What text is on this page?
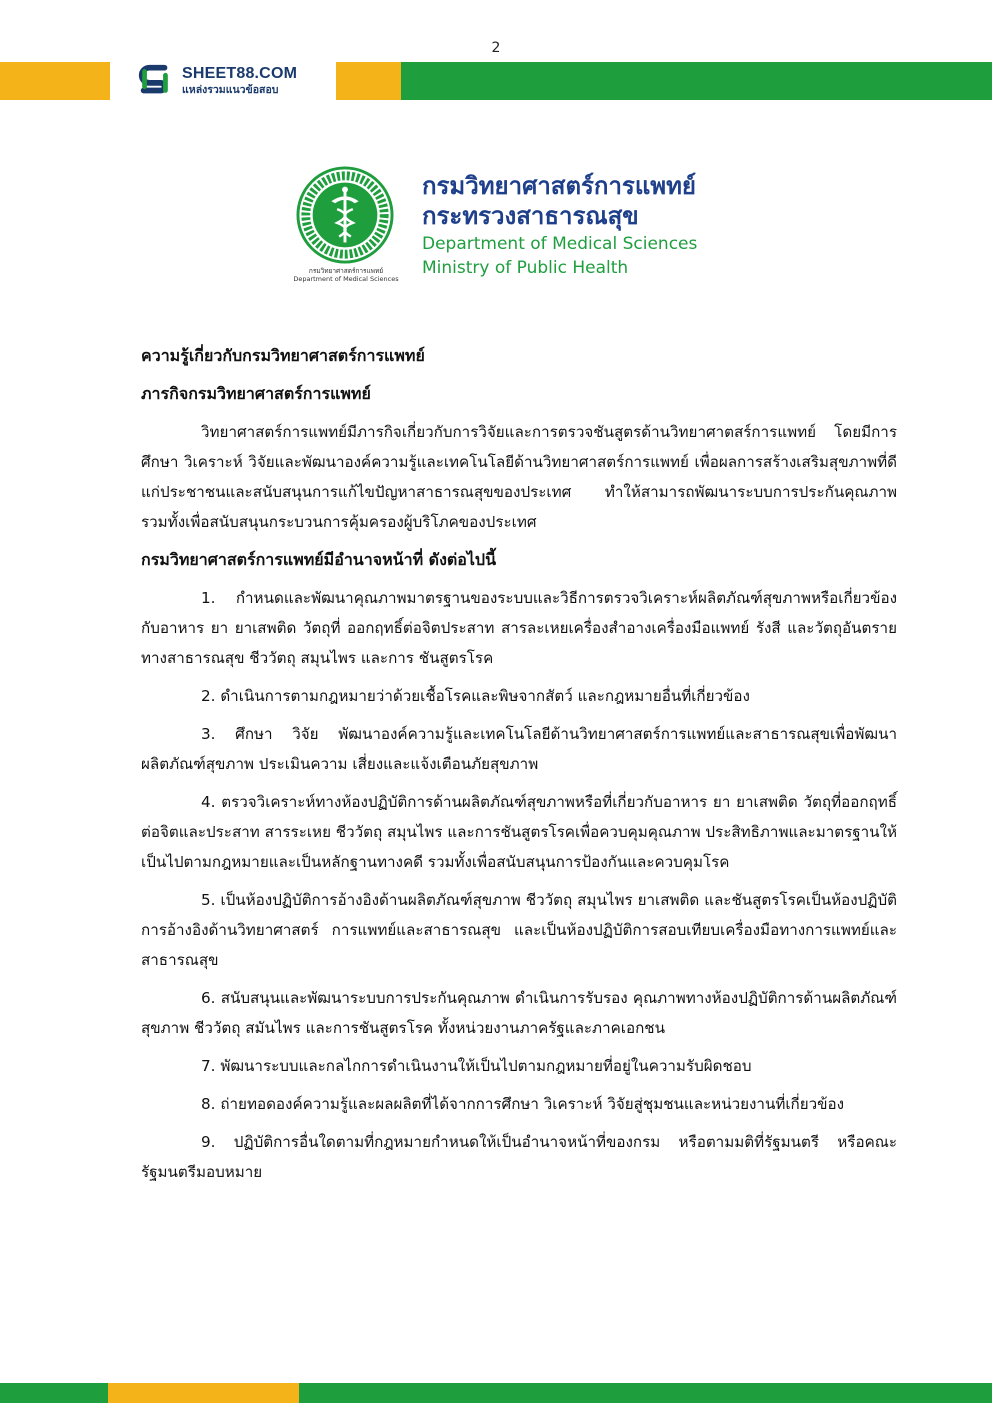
2
SHEET88.COM
แหล่งรวมแนวข้อสอบ
กรมวิทยาศาสตร์การแพทย์
Department of Medical Sciences
กรมวิทยาศาสตร์การแพทย์
กระทรวงสาธารณสุข
Department of Medical Sciences
Ministry of Public Health
ความรู้เกี่ยวกับกรมวิทยาศาสตร์การแพทย์
ภารกิจกรมวิทยาศาสตร์การแพทย์

วิทยาศาสตร์การแพทย์มีภารกิจเกี่ยวกับการวิจัยและการตรวจชันสูตรด้านวิทยาศาตสร์การแพทย์ โดยมีการศึกษา วิเคราะห์ วิจัยและพัฒนาองค์ความรู้และเทคโนโลยีด้านวิทยาศาสตร์การแพทย์ เพื่อผลการสร้างเสริมสุขภาพที่ดีแก่ประชาชนและสนับสนุนการแก้ไขปัญหาสาธารณสุขของประเทศ ทำให้สามารถพัฒนาระบบการประกันคุณภาพ รวมทั้งเพื่อสนับสนุนกระบวนการคุ้มครองผู้บริโภคของประเทศ

กรมวิทยาศาสตร์การแพทย์มีอำนาจหน้าที่ ดังต่อไปนี้

1. กำหนดและพัฒนาคุณภาพมาตรฐานของระบบและวิธีการตรวจวิเคราะห์ผลิตภัณฑ์สุขภาพหรือเกี่ยวข้องกับอาหาร ยา ยาเสพติด วัตถุที่ ออกฤทธิ์ต่อจิตประสาท สารละเหยเครื่องสำอางเครื่องมือแพทย์ รังสี และวัตถุอันตรายทางสาธารณสุข ชีววัตถุ สมุนไพร และการ ชันสูตรโรค

2. ดำเนินการตามกฎหมายว่าด้วยเชื้อโรคและพิษจากสัตว์ และกฎหมายอื่นที่เกี่ยวข้อง

3. ศึกษา วิจัย พัฒนาองค์ความรู้และเทคโนโลยีด้านวิทยาศาสตร์การแพทย์และสาธารณสุขเพื่อพัฒนาผลิตภัณฑ์สุขภาพ ประเมินความ เสี่ยงและแจ้งเตือนภัยสุขภาพ

4. ตรวจวิเคราะห์ทางห้องปฏิบัติการด้านผลิตภัณฑ์สุขภาพหรือที่เกี่ยวกับอาหาร ยา ยาเสพติด วัตถุที่ออกฤทธิ์ต่อจิตและประสาท สารระเหย ชีววัตถุ สมุนไพร และการชันสูตรโรคเพื่อควบคุมคุณภาพ ประสิทธิภาพและมาตรฐานให้เป็นไปตามกฎหมายและเป็นหลักฐานทางคดี รวมทั้งเพื่อสนับสนุนการป้องกันและควบคุมโรค

5. เป็นห้องปฏิบัติการอ้างอิงด้านผลิตภัณฑ์สุขภาพ ชีววัตถุ สมุนไพร ยาเสพติด และชันสูตรโรคเป็นห้องปฏิบัติการอ้างอิงด้านวิทยาศาสตร์ การแพทย์และสาธารณสุข และเป็นห้องปฏิบัติการสอบเทียบเครื่องมือทางการแพทย์และสาธารณสุข

6. สนับสนุนและพัฒนาระบบการประกันคุณภาพ ดำเนินการรับรอง คุณภาพทางห้องปฏิบัติการด้านผลิตภัณฑ์สุขภาพ ชีววัตถุ สมันไพร และการชันสูตรโรค ทั้งหน่วยงานภาครัฐและภาคเอกชน

7. พัฒนาระบบและกลไกการดำเนินงานให้เป็นไปตามกฎหมายที่อยู่ในความรับผิดชอบ

8. ถ่ายทอดองค์ความรู้และผลผลิตที่ได้จากการศึกษา วิเคราะห์ วิจัยสู่ชุมชนและหน่วยงานที่เกี่ยวข้อง

9. ปฏิบัติการอื่นใดตามที่กฎหมายกำหนดให้เป็นอำนาจหน้าที่ของกรม หรือตามมติที่รัฐมนตรี หรือคณะรัฐมนตรีมอบหมาย
